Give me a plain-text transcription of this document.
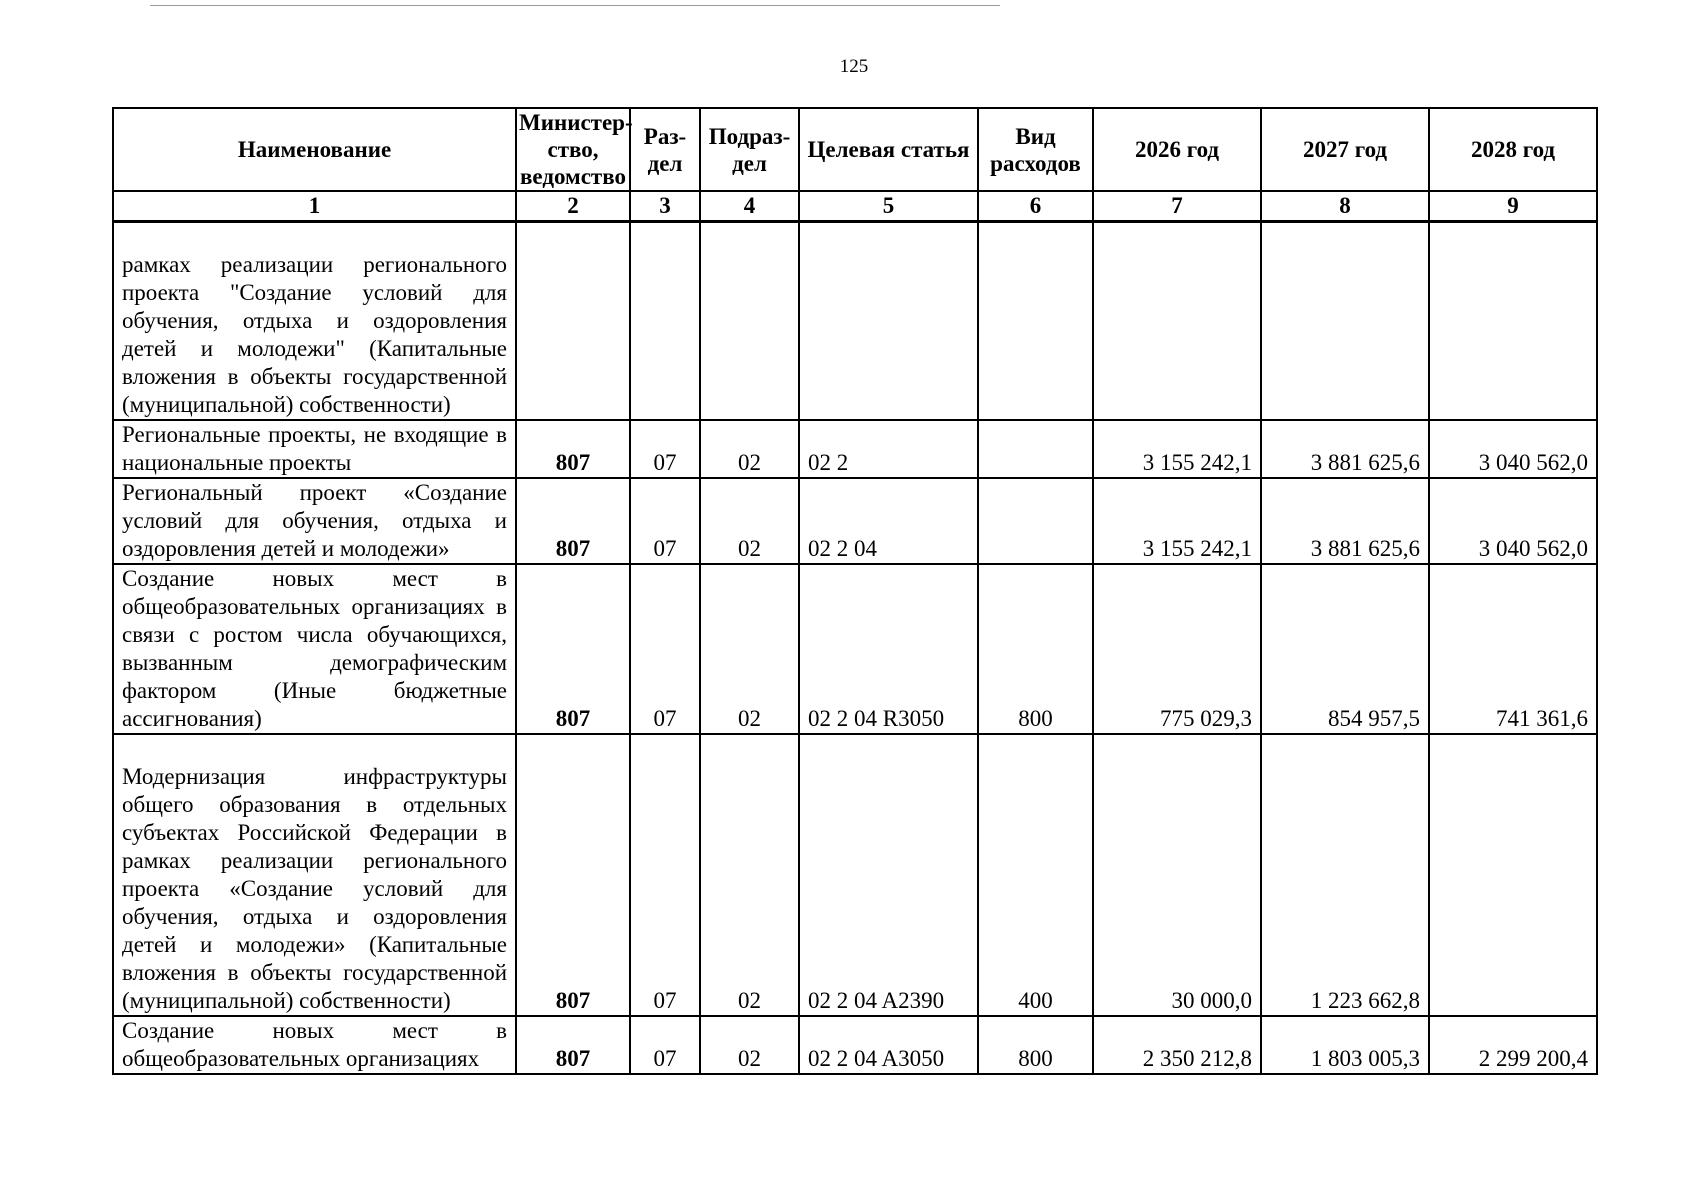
125
Наименование	Министер-ство, ведомство	Раз-дел	Подраз-дел	Целевая статья	Вид расходов	2026 год	2027 год	2028 год
1	2	3	4	5	6	7	8	9
рамках реализации регионального проекта "Создание условий для обучения, отдыха и оздоровления детей и молодежи" (Капитальные вложения в объекты государственной (муниципальной) собственности)								
Региональные проекты, не входящие в национальные проекты	807	07	02	02 2		3 155 242,1	3 881 625,6	3 040 562,0
Региональный проект «Создание условий для обучения, отдыха и оздоровления детей и молодежи»	807	07	02	02 2 04		3 155 242,1	3 881 625,6	3 040 562,0
Создание новых мест в общеобразовательных организациях в связи с ростом числа обучающихся, вызванным демографическим фактором (Иные бюджетные ассигнования)	807	07	02	02 2 04 R3050	800	775 029,3	854 957,5	741 361,6
Модернизация инфраструктуры общего образования в отдельных субъектах Российской Федерации в рамках реализации регионального проекта «Создание условий для обучения, отдыха и оздоровления детей и молодежи» (Капитальные вложения в объекты государственной (муниципальной) собственности)	807	07	02	02 2 04 A2390	400	30 000,0	1 223 662,8	
Создание новых мест в общеобразовательных организациях	807	07	02	02 2 04 A3050	800	2 350 212,8	1 803 005,3	2 299 200,4
